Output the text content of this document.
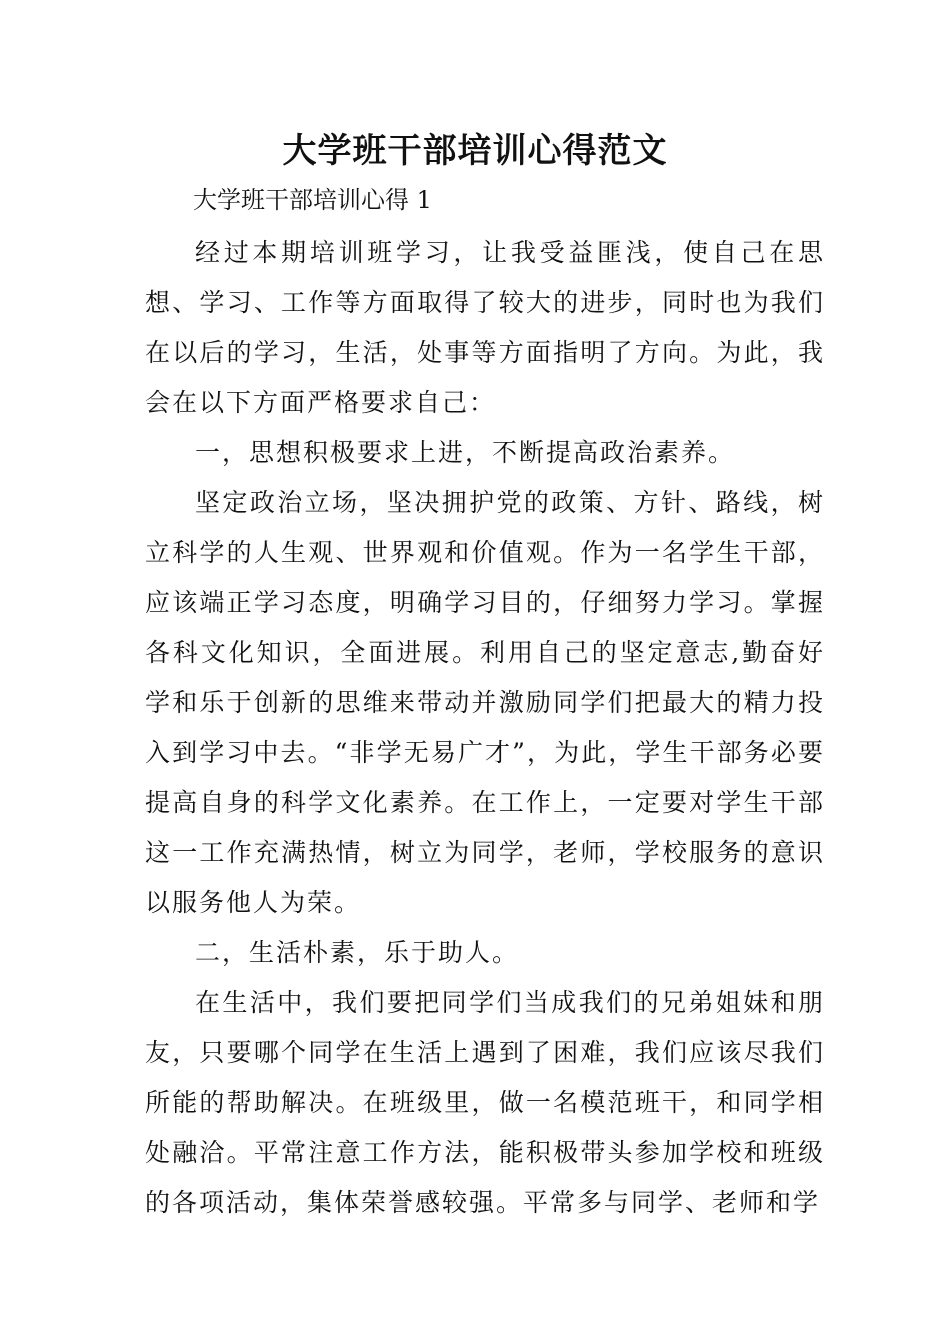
大学班干部培训心得范文
大学班干部培训心得 1

经过本期培训班学习，让我受益匪浅，使自己在思想、学习、工作等方面取得了较大的进步，同时也为我们在以后的学习，生活，处事等方面指明了方向。为此，我会在以下方面严格要求自己：

一，思想积极要求上进，不断提高政治素养。

坚定政治立场，坚决拥护党的政策、方针、路线，树立科学的人生观、世界观和价值观。作为一名学生干部，应该端正学习态度，明确学习目的，仔细努力学习。掌握各科文化知识，全面进展。利用自己的坚定意志,勤奋好学和乐于创新的思维来带动并激励同学们把最大的精力投入到学习中去。“非学无易广才”，为此，学生干部务必要提高自身的科学文化素养。在工作上，一定要对学生干部这一工作充满热情，树立为同学，老师，学校服务的意识以服务他人为荣。

二，生活朴素，乐于助人。

在生活中，我们要把同学们当成我们的兄弟姐妹和朋友，只要哪个同学在生活上遇到了困难，我们应该尽我们所能的帮助解决。在班级里，做一名模范班干，和同学相处融洽。平常注意工作方法，能积极带头参加学校和班级的各项活动，集体荣誉感较强。平常多与同学、老师和学
